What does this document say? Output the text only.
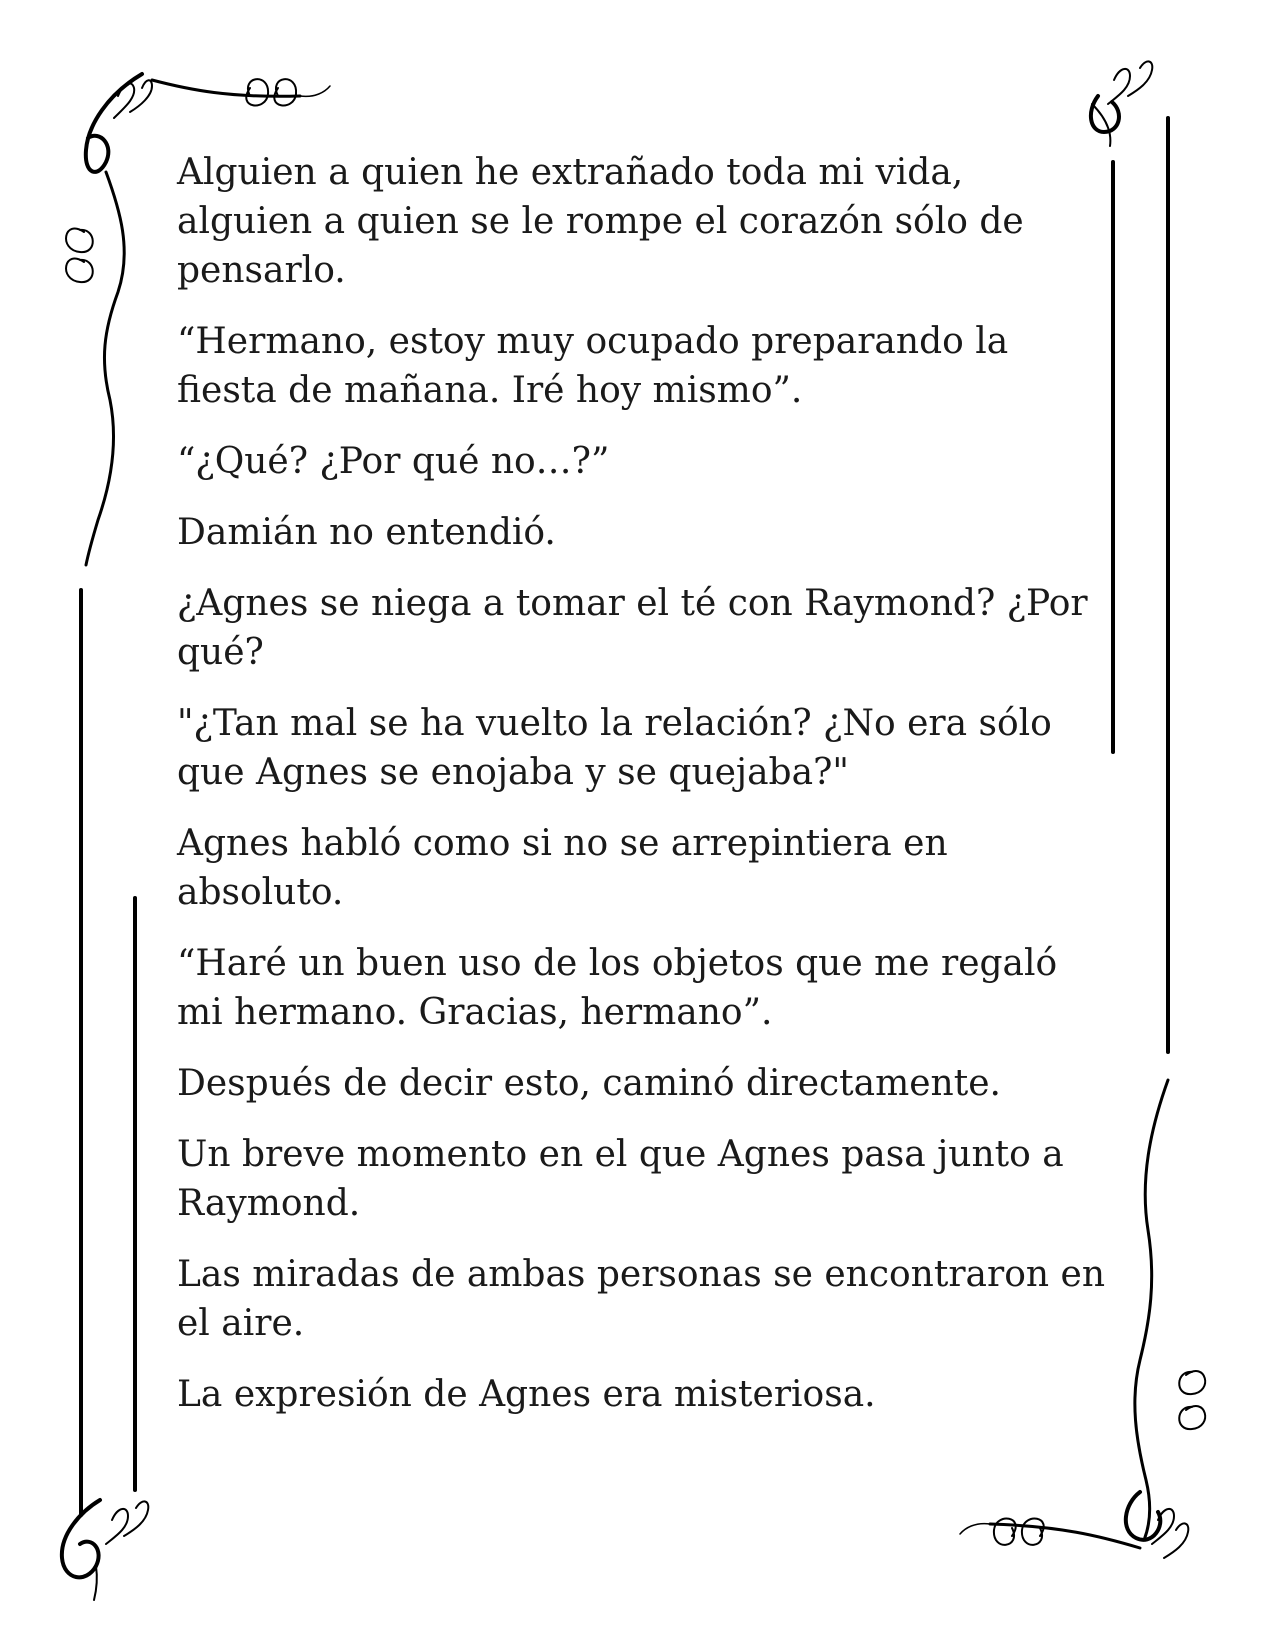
Alguien a quien he extrañado toda mi vida, alguien a quien se le rompe el corazón sólo de pensarlo.

“Hermano, estoy muy ocupado preparando la fiesta de mañana. Iré hoy mismo”.

“¿Qué? ¿Por qué no…?”

Damián no entendió.

¿Agnes se niega a tomar el té con Raymond? ¿Por qué?

"¿Tan mal se ha vuelto la relación? ¿No era sólo que Agnes se enojaba y se quejaba?"

Agnes habló como si no se arrepintiera en absoluto.

“Haré un buen uso de los objetos que me regaló mi hermano. Gracias, hermano”.

Después de decir esto, caminó directamente.

Un breve momento en el que Agnes pasa junto a Raymond.

Las miradas de ambas personas se encontraron en el aire.

La expresión de Agnes era misteriosa.
